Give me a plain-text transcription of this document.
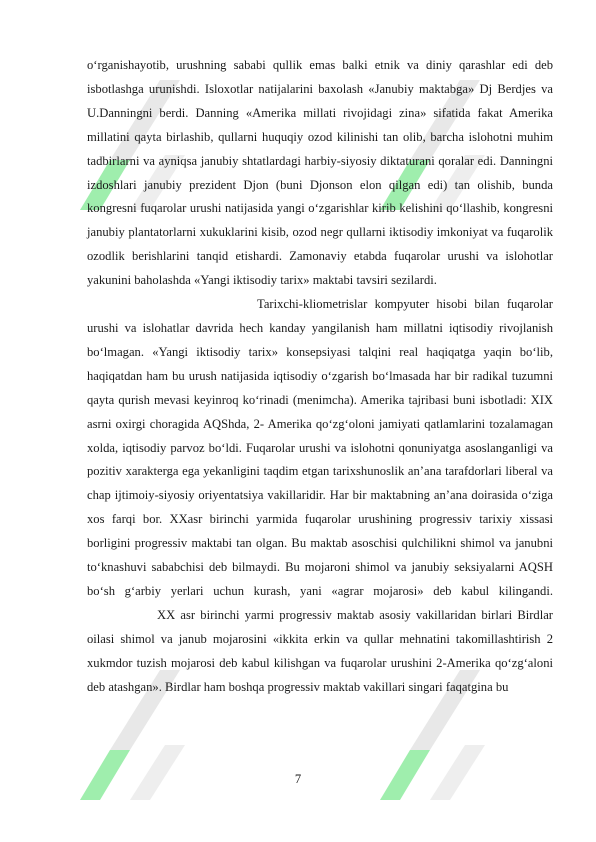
oʻrganishayotib, urushning sababi qullik emas balki etnik va diniy qarashlar edi deb isbotlashga urunishdi. Isloxotlar natijalarini baxolash «Janubiy maktabga» Dj Berdjes va U.Danningni berdi. Danning «Amerika millati rivojidagi zina» sifatida fakat Amerika millatini qayta birlashib, qullarni huquqiy ozod kilinishi tan olib, barcha islohotni muhim tadbirlarni va ayniqsa janubiy shtatlardagi harbiy-siyosiy diktaturani qoralar edi. Danningni izdoshlari janubiy prezident Djon (buni Djonson elon qilgan edi) tan olishib, bunda kongresni fuqarolar urushi natijasida yangi oʻzgarishlar kirib kelishini qoʻllashib, kongresni janubiy plantatorlarni xukuklarini kisib, ozod negr qullarni iktisodiy imkoniyat va fuqarolik ozodlik berishlarini tanqid etishardi. Zamonaviy etabda fuqarolar urushi va islohotlar yakunini baholashda «Yangi iktisodiy tarix» maktabi tavsiri sezilardi.

Tarixchi-kliometrislar kompyuter hisobi bilan fuqarolar urushi va islohatlar davrida hech kanday yangilanish ham millatni iqtisodiy rivojlanish boʻlmagan. «Yangi iktisodiy tarix» konsepsiyasi talqini real haqiqatga yaqin boʻlib, haqiqatdan ham bu urush natijasida iqtisodiy oʻzgarish boʻlmasada har bir radikal tuzumni qayta qurish mevasi keyinroq koʻrinadi (menimcha). Amerika tajribasi buni isbotladi: XIX asrni oxirgi choragida AQShda, 2- Amerika qoʻzgʻoloni jamiyati qatlamlarini tozalamagan xolda, iqtisodiy parvoz boʻldi. Fuqarolar urushi va islohotni qonuniyatga asoslanganligi va pozitiv xarakterga ega yekanligini taqdim etgan tarixshunoslik anʼana tarafdorlari liberal va chap ijtimoiy-siyosiy oriyentatsiya vakillaridir. Har bir maktabning anʼana doirasida oʻziga xos farqi bor. XXasr birinchi yarmida fuqarolar urushining progressiv tarixiy xissasi borligini progressiv maktabi tan olgan. Bu maktab asoschisi qulchilikni shimol va janubni toʻknashuvi sababchisi deb bilmaydi. Bu mojaroni shimol va janubiy seksiyalarni AQSH boʻsh gʻarbiy yerlari uchun kurash, yani «agrar mojarosi» deb kabul kilingandi.XX asr birinchi yarmi progressiv maktab asosiy vakillaridan birlari Birdlar oilasi shimol va janub mojarosini «ikkita erkin va qullar mehnatini takomillashtirish 2 xukmdor tuzish mojarosi deb kabul kilishgan va fuqarolar urushini 2-Amerika qoʻzgʻaloni deb atashgan». Birdlar ham boshqa progressiv maktab vakillari singari faqatgina bu

7
